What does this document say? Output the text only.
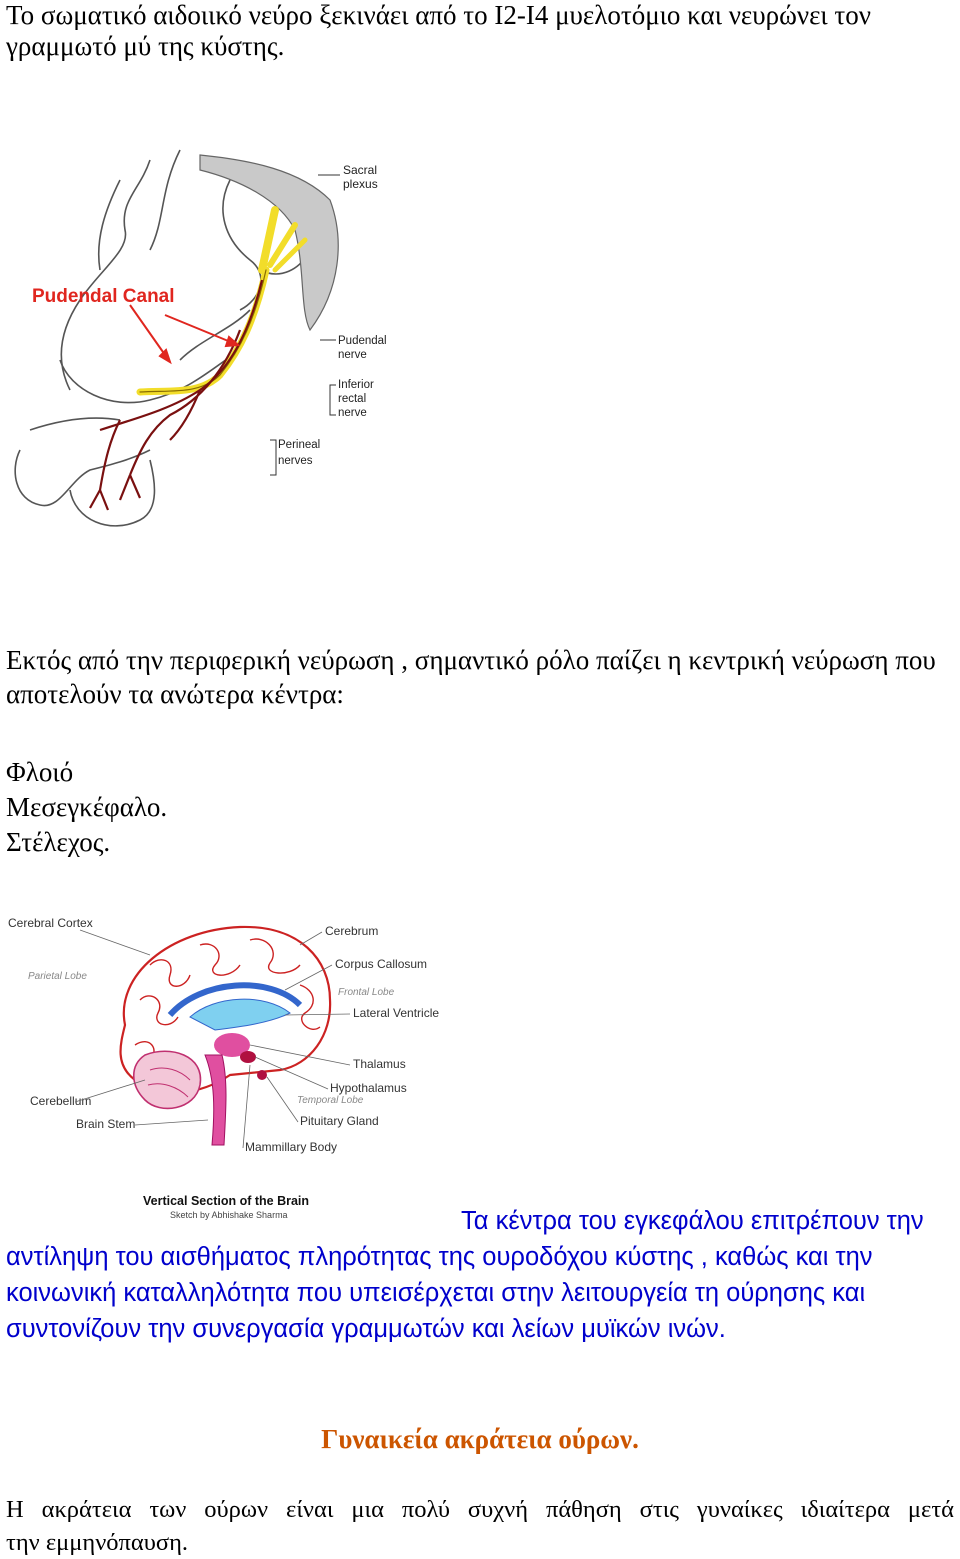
Το σωματικό αιδοιικό νεύρο ξεκινάει από το Ι2-Ι4 μυελοτόμιο και νευρώνει τον γραμμωτό μύ της κύστης.
Sacral
plexus
Pudendal Canal
Pudendal
nerve
Inferior
rectal
nerve
Perineal
nerves
Εκτός από την περιφερική νεύρωση , σημαντικό ρόλο παίζει η κεντρική νεύρωση που αποτελούν τα ανώτερα κέντρα:
Φλοιό
Μεσεγκέφαλο.
Στέλεχος.
Cerebral Cortex
Parietal Lobe
Cerebrum
Corpus Callosum
Frontal Lobe
Lateral Ventricle
Thalamus
Hypothalamus
Temporal Lobe
Cerebellum
Pituitary Gland
Brain Stem
Mammillary Body
Vertical Section of the Brain
Sketch by Abhishake Sharma	Τα κέντρα του εγκεφάλου επιτρέπουν την αντίληψη του αισθήματος πληρότητας της ουροδόχου κύστης , καθώς και την κοινωνική καταλληλότητα που υπεισέρχεται στην λειτουργεία τη ούρησης και συντονίζουν την συνεργασία γραμμωτών και λείων μυϊκών ινών.
Γυναικεία ακράτεια ούρων.
Η ακράτεια των ούρων είναι μια πολύ συχνή πάθηση στις γυναίκες ιδιαίτερα μετά
την εμμηνόπαυση.
